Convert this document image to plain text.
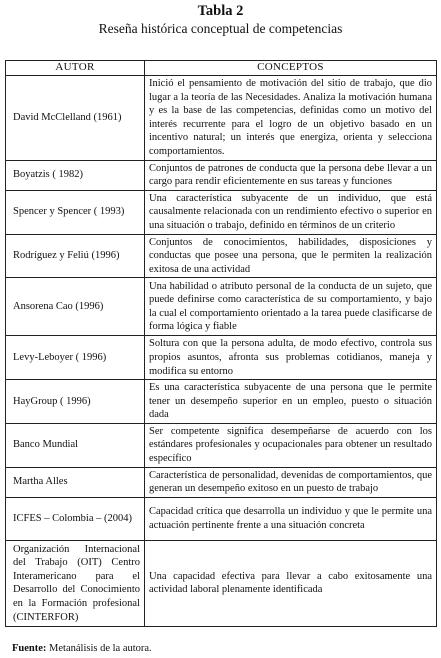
Tabla 2
Reseña histórica conceptual de competencias
AUTOR	CONCEPTOS
David McClelland (1961)	Inició el pensamiento de motivación del sitio de trabajo, que dio lugar a la teoría de las Necesidades. Analiza la motivación humana y es la base de las competencias, definidas como un motivo del interés recurrente para el logro de un objetivo basado en un incentivo natural; un interés que energiza, orienta y selecciona comportamientos.
Boyatzis ( 1982)	Conjuntos de patrones de conducta que la persona debe llevar a un cargo para rendir eficientemente en sus tareas y funciones
Spencer y Spencer ( 1993)	Una característica subyacente de un individuo, que está causalmente relacionada con un rendimiento efectivo o superior en una situación o trabajo, definido en términos de un criterio
Rodríguez y Feliú (1996)	Conjuntos de conocimientos, habilidades, disposiciones y conductas que posee una persona, que le permiten la realización exitosa de una actividad
Ansorena Cao (1996)	Una habilidad o atributo personal de la conducta de un sujeto, que puede definirse como característica de su comportamiento, y bajo la cual el comportamiento orientado a la tarea puede clasificarse de forma lógica y fiable
Levy-Leboyer ( 1996)	Soltura con que la persona adulta, de modo efectivo, controla sus propios asuntos, afronta sus problemas cotidianos, maneja y modifica su entorno
HayGroup ( 1996)	Es una característica subyacente de una persona que le permite tener un desempeño superior en un empleo, puesto o situación dada
Banco Mundial	Ser competente significa desempeñarse de acuerdo con los estándares profesionales y ocupacionales para obtener un resultado específico
Martha Alles	Característica de personalidad, devenidas de comportamientos, que generan un desempeño exitoso en un puesto de trabajo
ICFES – Colombia – (2004)	Capacidad crítica que desarrolla un individuo y que le permite una actuación pertinente frente a una situación concreta
Organización Internacional del Trabajo (OIT) Centro Interamericano para el Desarrollo del Conocimiento en la Formación profesional (CINTERFOR)	Una capacidad efectiva para llevar a cabo exitosamente una actividad laboral plenamente identificada
Fuente: Metanálisis de la autora.
